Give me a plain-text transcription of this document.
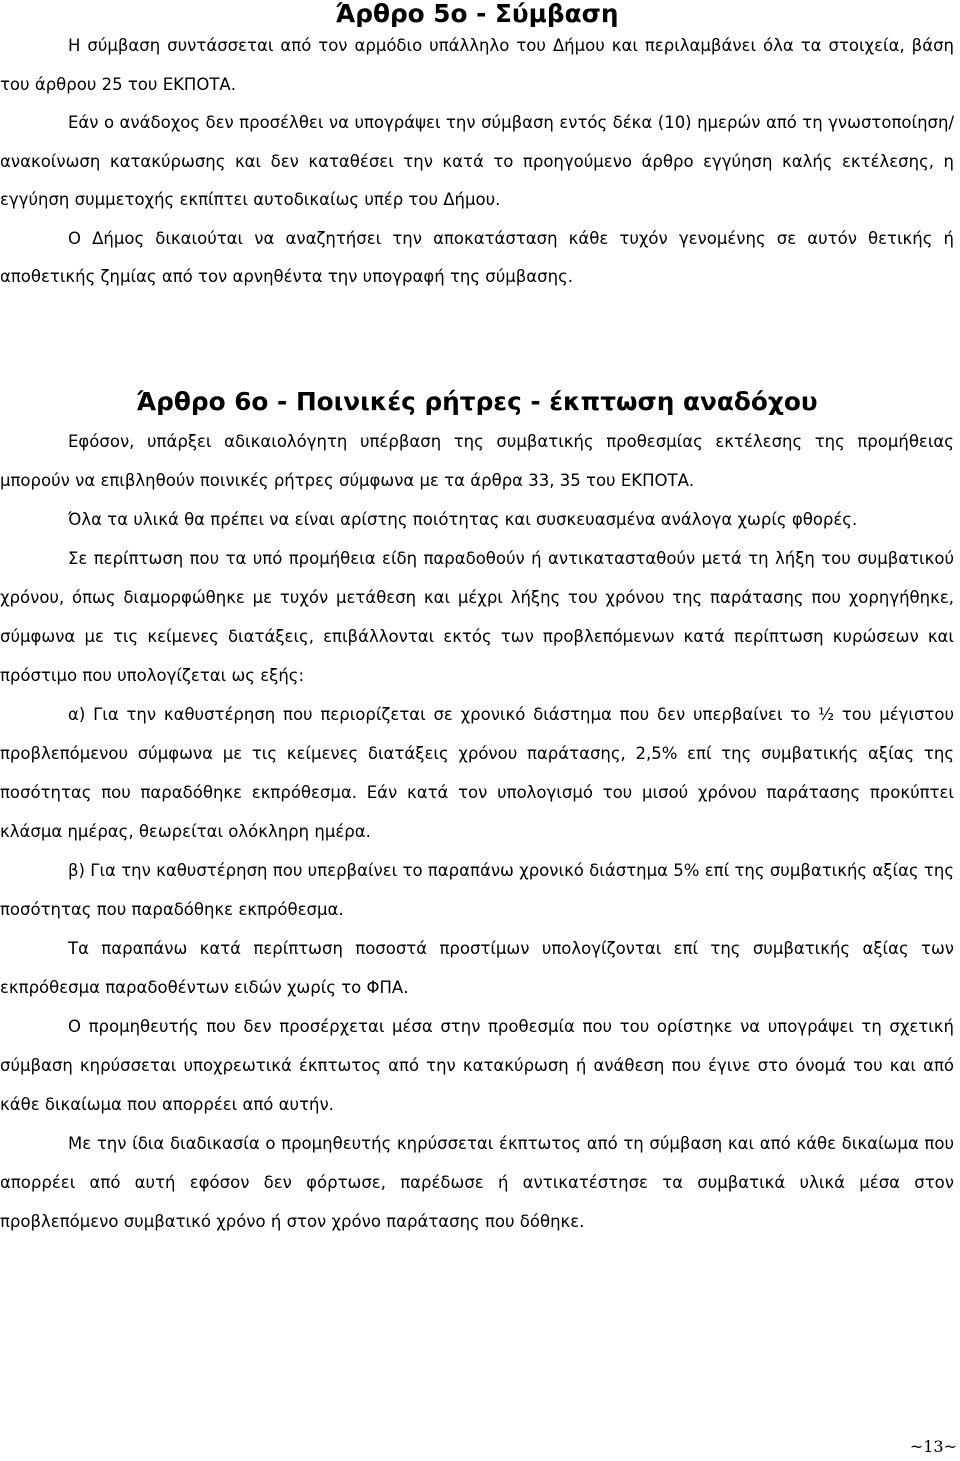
Άρθρο 5ο - Σύμβαση

Η σύμβαση συντάσσεται από τον αρμόδιο υπάλληλο του Δήμου και περιλαμβάνει όλα τα στοιχεία, βάση του άρθρου 25 του ΕΚΠΟΤΑ.

Εάν ο ανάδοχος δεν προσέλθει να υπογράψει την σύμβαση εντός δέκα (10) ημερών από τη γνωστοποίηση/ανακοίνωση κατακύρωσης και δεν καταθέσει την κατά το προηγούμενο άρθρο εγγύηση καλής εκτέλεσης, η εγγύηση συμμετοχής εκπίπτει αυτοδικαίως υπέρ του Δήμου.

Ο Δήμος δικαιούται να αναζητήσει την αποκατάσταση κάθε τυχόν γενομένης σε αυτόν θετικής ή αποθετικής ζημίας από τον αρνηθέντα την υπογραφή της σύμβασης.

Άρθρο 6ο - Ποινικές ρήτρες - έκπτωση αναδόχου

Εφόσον, υπάρξει αδικαιολόγητη υπέρβαση της συμβατικής προθεσμίας εκτέλεσης της προμήθειας μπορούν να επιβληθούν ποινικές ρήτρες σύμφωνα με τα άρθρα 33, 35 του ΕΚΠΟΤΑ.

Όλα τα υλικά θα πρέπει να είναι αρίστης ποιότητας και συσκευασμένα ανάλογα χωρίς φθορές.

Σε περίπτωση που τα υπό προμήθεια είδη παραδοθούν ή αντικατασταθούν μετά τη λήξη του συμβατικού χρόνου, όπως διαμορφώθηκε με τυχόν μετάθεση και μέχρι λήξης του χρόνου της παράτασης που χορηγήθηκε, σύμφωνα με τις κείμενες διατάξεις, επιβάλλονται εκτός των προβλεπόμενων κατά περίπτωση κυρώσεων και πρόστιμο που υπολογίζεται ως εξής:

α) Για την καθυστέρηση που περιορίζεται σε χρονικό διάστημα που δεν υπερβαίνει το ½ του μέγιστου προβλεπόμενου σύμφωνα με τις κείμενες διατάξεις χρόνου παράτασης, 2,5% επί της συμβατικής αξίας της ποσότητας που παραδόθηκε εκπρόθεσμα. Εάν κατά τον υπολογισμό του μισού χρόνου παράτασης προκύπτει κλάσμα ημέρας, θεωρείται ολόκληρη ημέρα.

β) Για την καθυστέρηση που υπερβαίνει το παραπάνω χρονικό διάστημα 5% επί της συμβατικής αξίας της ποσότητας που παραδόθηκε εκπρόθεσμα.

Τα παραπάνω κατά περίπτωση ποσοστά προστίμων υπολογίζονται επί της συμβατικής αξίας των εκπρόθεσμα παραδοθέντων ειδών χωρίς το ΦΠΑ.

Ο προμηθευτής που δεν προσέρχεται μέσα στην προθεσμία που του ορίστηκε να υπογράψει τη σχετική σύμβαση κηρύσσεται υποχρεωτικά έκπτωτος από την κατακύρωση ή ανάθεση που έγινε στο όνομά του και από κάθε δικαίωμα που απορρέει από αυτήν.

Με την ίδια διαδικασία ο προμηθευτής κηρύσσεται έκπτωτος από τη σύμβαση και από κάθε δικαίωμα που απορρέει από αυτή εφόσον δεν φόρτωσε, παρέδωσε ή αντικατέστησε τα συμβατικά υλικά μέσα στον προβλεπόμενο συμβατικό χρόνο ή στον χρόνο παράτασης που δόθηκε.

~13~
